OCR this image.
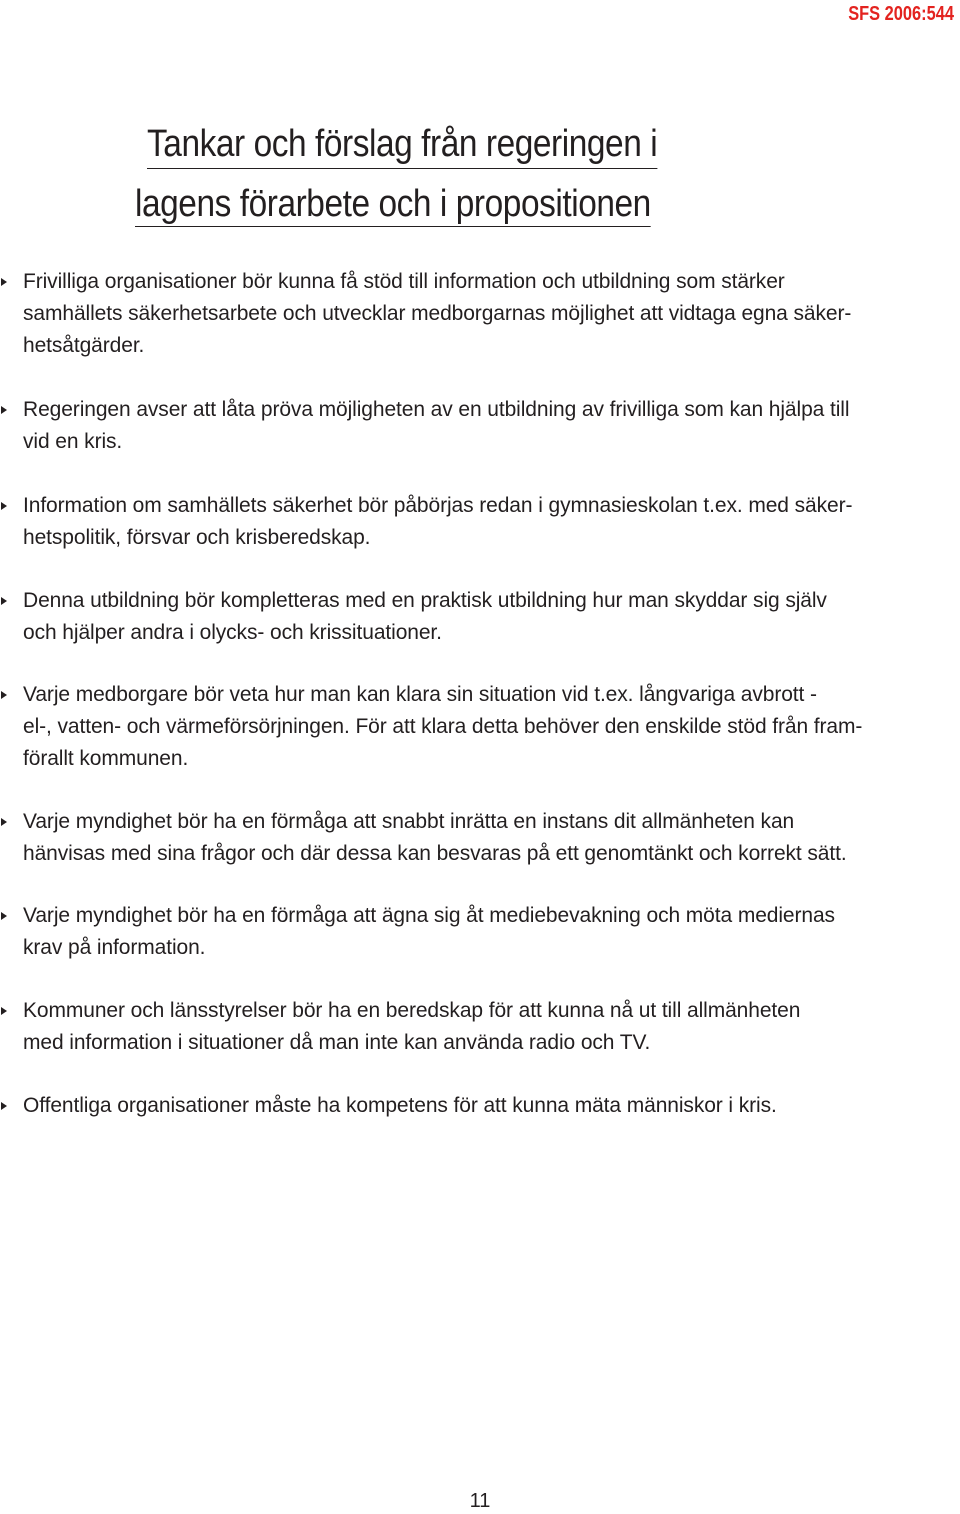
SFS 2006:544
Tankar och förslag från regeringen i
lagens förarbete och i propositionen
Frivilliga organisationer bör kunna få stöd till information och utbildning som stärker
samhällets säkerhetsarbete och utvecklar medborgarnas möjlighet att vidtaga egna säker-
hetsåtgärder.
Regeringen avser att låta pröva möjligheten av en utbildning av frivilliga som kan hjälpa till
vid en kris.
Information om samhällets säkerhet bör påbörjas redan i gymnasieskolan t.ex. med säker-
hetspolitik, försvar och krisberedskap.
Denna utbildning bör kompletteras med en praktisk utbildning hur man skyddar sig själv
och hjälper andra i olycks- och krissituationer.
Varje medborgare bör veta hur man kan klara sin situation vid t.ex. långvariga avbrott -
el-, vatten- och värmeförsörjningen. För att klara detta behöver den enskilde stöd från fram-
förallt kommunen.
Varje myndighet bör ha en förmåga att snabbt inrätta en instans dit allmänheten kan
hänvisas med sina frågor och där dessa kan besvaras på ett genomtänkt och korrekt sätt.
Varje myndighet bör ha en förmåga att ägna sig åt mediebevakning och möta mediernas
krav på information.
Kommuner och länsstyrelser bör ha en beredskap för att kunna nå ut till allmänheten
med information i situationer då man inte kan använda radio och TV.
Offentliga organisationer måste ha kompetens för att kunna mäta människor i kris.
11
